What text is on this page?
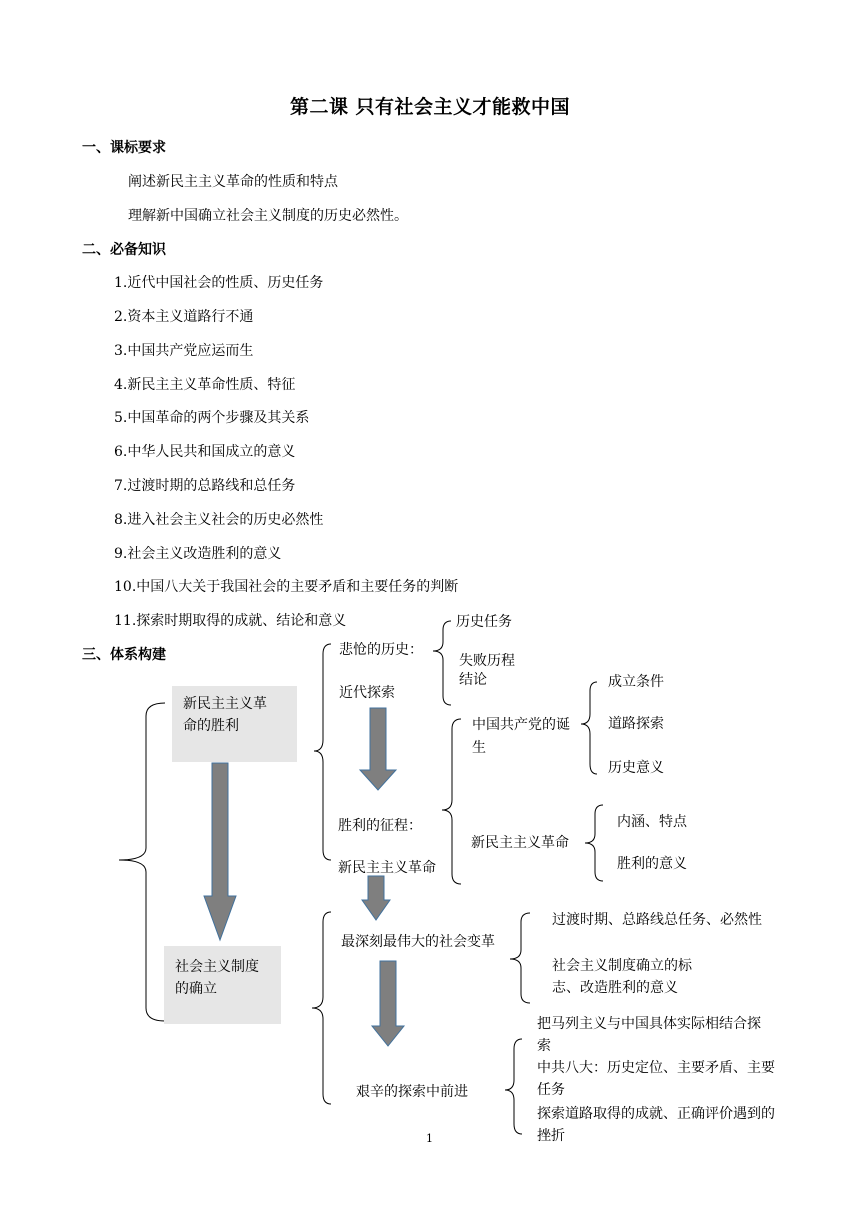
第二课 只有社会主义才能救中国
一、课标要求
阐述新民主主义革命的性质和特点
理解新中国确立社会主义制度的历史必然性。
二、必备知识
1.近代中国社会的性质、历史任务
2.资本主义道路行不通
3.中国共产党应运而生
4.新民主主义革命性质、特征
5.中国革命的两个步骤及其关系
6.中华人民共和国成立的意义
7.过渡时期的总路线和总任务
8.进入社会主义社会的历史必然性
9.社会主义改造胜利的意义
10.中国八大关于我国社会的主要矛盾和主要任务的判断
11.探索时期取得的成就、结论和意义
三、体系构建
新民主主义革
命的胜利
社会主义制度
的确立
悲怆的历史：
近代探索
历史任务
失败历程
结论
中国共产党的诞
生
成立条件
道路探索
历史意义
胜利的征程：
新民主主义革命
新民主主义革命
内涵、特点
胜利的意义
最深刻最伟大的社会变革
过渡时期、总路线总任务、必然性
社会主义制度确立的标
志、改造胜利的意义
艰辛的探索中前进
把马列主义与中国具体实际相结合探
索
中共八大：历史定位、主要矛盾、主要
任务
探索道路取得的成就、正确评价遇到的
挫折
1
